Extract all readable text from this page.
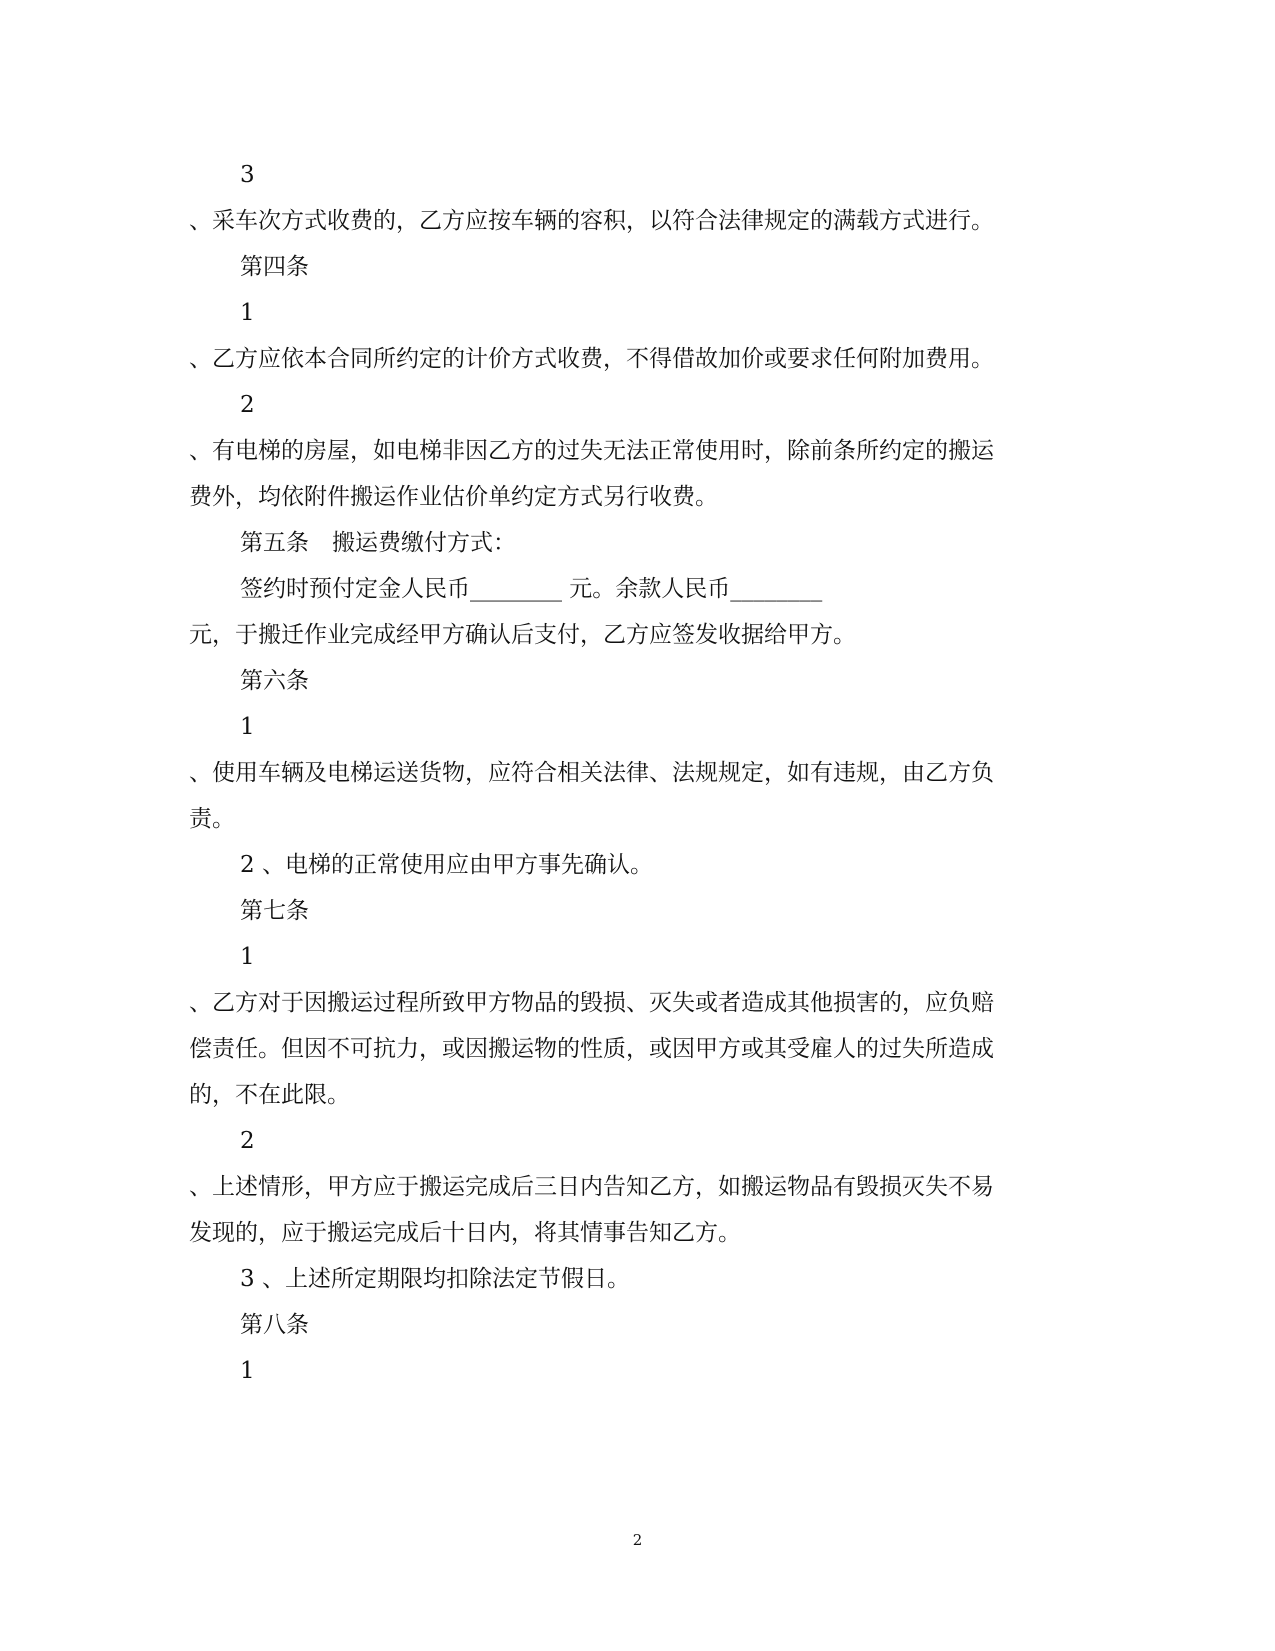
3
、采车次方式收费的，乙方应按车辆的容积，以符合法律规定的满载方式进行。
第四条
1
、乙方应依本合同所约定的计价方式收费，不得借故加价或要求任何附加费用。
2
、有电梯的房屋，如电梯非因乙方的过失无法正常使用时，除前条所约定的搬运
费外，均依附件搬运作业估价单约定方式另行收费。
第五条　搬运费缴付方式：
签约时预付定金人民币________ 元。余款人民币________
元，于搬迁作业完成经甲方确认后支付，乙方应签发收据给甲方。
第六条
1
、使用车辆及电梯运送货物，应符合相关法律、法规规定，如有违规，由乙方负
责。
2 、电梯的正常使用应由甲方事先确认。
第七条
1
、乙方对于因搬运过程所致甲方物品的毁损、灭失或者造成其他损害的，应负赔
偿责任。但因不可抗力，或因搬运物的性质，或因甲方或其受雇人的过失所造成
的，不在此限。
2
、上述情形，甲方应于搬运完成后三日内告知乙方，如搬运物品有毁损灭失不易
发现的，应于搬运完成后十日内，将其情事告知乙方。
3 、上述所定期限均扣除法定节假日。
第八条
1
2
